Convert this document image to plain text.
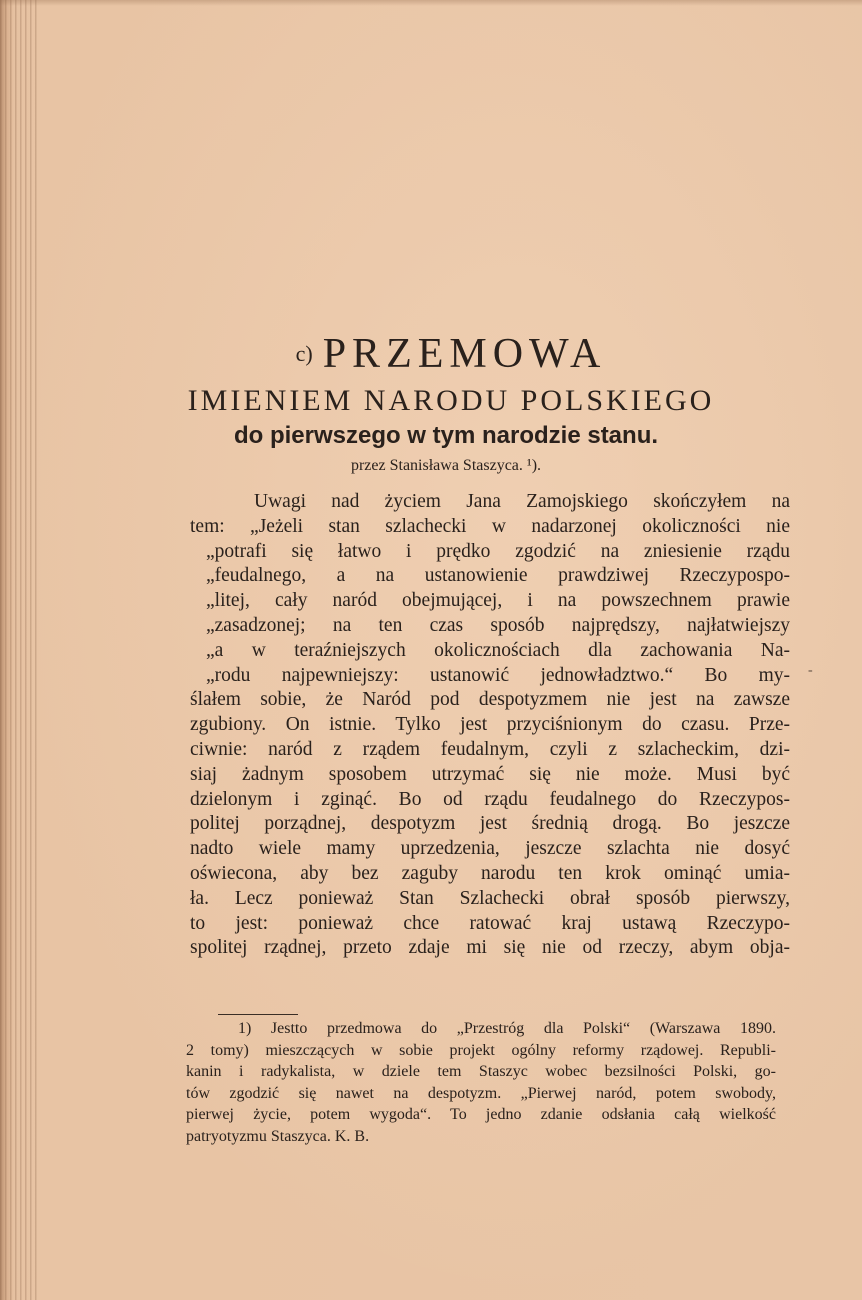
c) PRZEMOWA
IMIENIEM NARODU POLSKIEGO
do pierwszego w tym narodzie stanu.
przez Stanisława Staszyca. ¹).
Uwagi nad życiem Jana Zamojskiego skończyłem na
tem: „Jeżeli stan szlachecki w nadarzonej okoliczności nie
„potrafi się łatwo i prędko zgodzić na zniesienie rządu
„feudalnego, a na ustanowienie prawdziwej Rzeczypospo-
„litej, cały naród obejmującej, i na powszechnem prawie
„zasadzonej; na ten czas sposób najprędszy, najłatwiejszy
„a w teraźniejszych okolicznościach dla zachowania Na-
„rodu najpewniejszy: ustanowić jednowładztwo.“ Bo my-
ślałem sobie, że Naród pod despotyzmem nie jest na zawsze
zgubiony. On istnie. Tylko jest przyciśnionym do czasu. Prze-
ciwnie: naród z rządem feudalnym, czyli z szlacheckim, dzi-
siaj żadnym sposobem utrzymać się nie może. Musi być
dzielonym i zginąć. Bo od rządu feudalnego do Rzeczypos-
politej porządnej, despotyzm jest średnią drogą. Bo jeszcze
nadto wiele mamy uprzedzenia, jeszcze szlachta nie dosyć
oświecona, aby bez zaguby narodu ten krok ominąć umia-
ła. Lecz ponieważ Stan Szlachecki obrał sposób pierwszy,
to jest: ponieważ chce ratować kraj ustawą Rzeczypo-
spolitej rządnej, przeto zdaje mi się nie od rzeczy, abym obja-
-
1) Jestto przedmowa do „Przestróg dla Polski“ (Warszawa 1890.
2 tomy) mieszczących w sobie projekt ogólny reformy rządowej. Republi-
kanin i radykalista, w dziele tem Staszyc wobec bezsilności Polski, go-
tów zgodzić się nawet na despotyzm. „Pierwej naród, potem swobody,
pierwej życie, potem wygoda“. To jedno zdanie odsłania całą wielkość
patryotyzmu Staszyca. K. B.
